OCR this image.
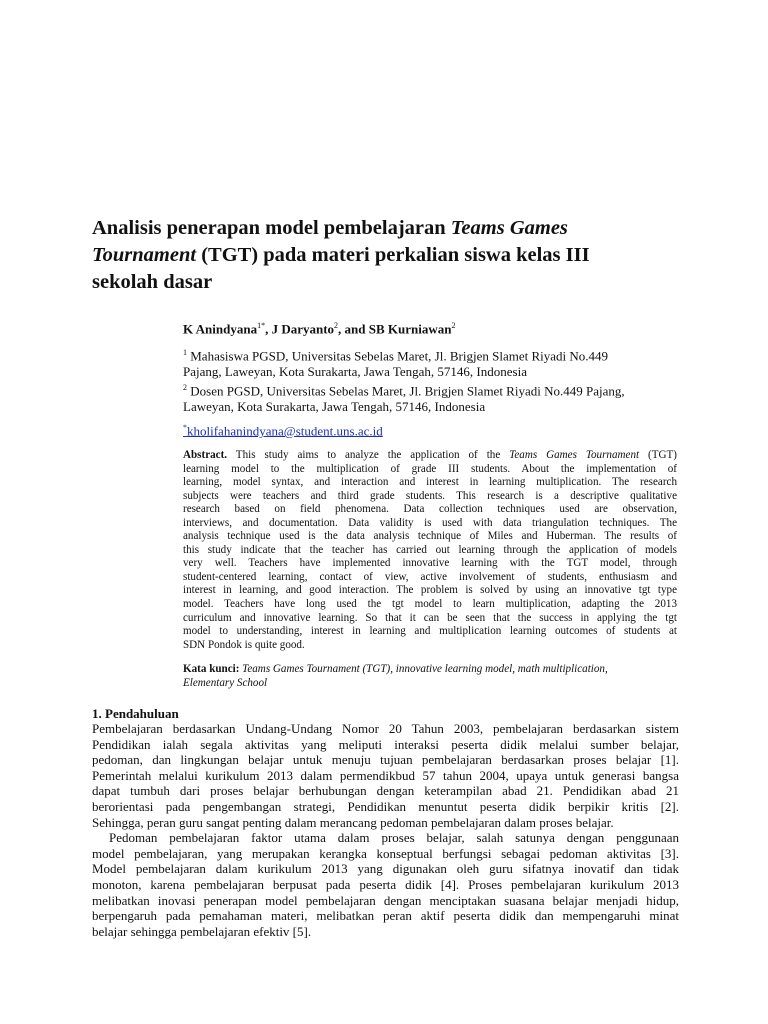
Analisis penerapan model pembelajaran Teams Games
Tournament (TGT) pada materi perkalian siswa kelas III
sekolah dasar
K Anindyana$^{1*}$, J Daryanto$^2$, and SB Kurniawan$^2$
$^1$ Mahasiswa PGSD, Universitas Sebelas Maret, Jl. Brigjen Slamet Riyadi No.449
Pajang, Laweyan, Kota Surakarta, Jawa Tengah, 57146, Indonesia
$^2$ Dosen PGSD, Universitas Sebelas Maret, Jl. Brigjen Slamet Riyadi No.449 Pajang,
Laweyan, Kota Surakarta, Jawa Tengah, 57146, Indonesia
*kholifahanindyana@student.uns.ac.id
Abstract. This study aims to analyze the application of the Teams Games Tournament (TGT)
learning model to the multiplication of grade III students. About the implementation of
learning, model syntax, and interaction and interest in learning multiplication. The research
subjects were teachers and third grade students. This research is a descriptive qualitative
research based on field phenomena. Data collection techniques used are observation,
interviews, and documentation. Data validity is used with data triangulation techniques. The
analysis technique used is the data analysis technique of Miles and Huberman. The results of
this study indicate that the teacher has carried out learning through the application of models
very well. Teachers have implemented innovative learning with the TGT model, through
student-centered learning, contact of view, active involvement of students, enthusiasm and
interest in learning, and good interaction. The problem is solved by using an innovative tgt type
model. Teachers have long used the tgt model to learn multiplication, adapting the 2013
curriculum and innovative learning. So that it can be seen that the success in applying the tgt
model to understanding, interest in learning and multiplication learning outcomes of students at
SDN Pondok is quite good.
Kata kunci: Teams Games Tournament (TGT), innovative learning model, math multiplication,
Elementary School
1. Pendahuluan
Pembelajaran berdasarkan Undang-Undang Nomor 20 Tahun 2003, pembelajaran berdasarkan sistem
Pendidikan ialah segala aktivitas yang meliputi interaksi peserta didik melalui sumber belajar,
pedoman, dan lingkungan belajar untuk menuju tujuan pembelajaran berdasarkan proses belajar [1].
Pemerintah melalui kurikulum 2013 dalam permendikbud 57 tahun 2004, upaya untuk generasi bangsa
dapat tumbuh dari proses belajar berhubungan dengan keterampilan abad 21. Pendidikan abad 21
berorientasi pada pengembangan strategi, Pendidikan menuntut peserta didik berpikir kritis [2].
Sehingga, peran guru sangat penting dalam merancang pedoman pembelajaran dalam proses belajar.
Pedoman pembelajaran faktor utama dalam proses belajar, salah satunya dengan penggunaan
model pembelajaran, yang merupakan kerangka konseptual berfungsi sebagai pedoman aktivitas [3].
Model pembelajaran dalam kurikulum 2013 yang digunakan oleh guru sifatnya inovatif dan tidak
monoton, karena pembelajaran berpusat pada peserta didik [4]. Proses pembelajaran kurikulum 2013
melibatkan inovasi penerapan model pembelajaran dengan menciptakan suasana belajar menjadi hidup,
berpengaruh pada pemahaman materi, melibatkan peran aktif peserta didik dan mempengaruhi minat
belajar sehingga pembelajaran efektiv [5].
